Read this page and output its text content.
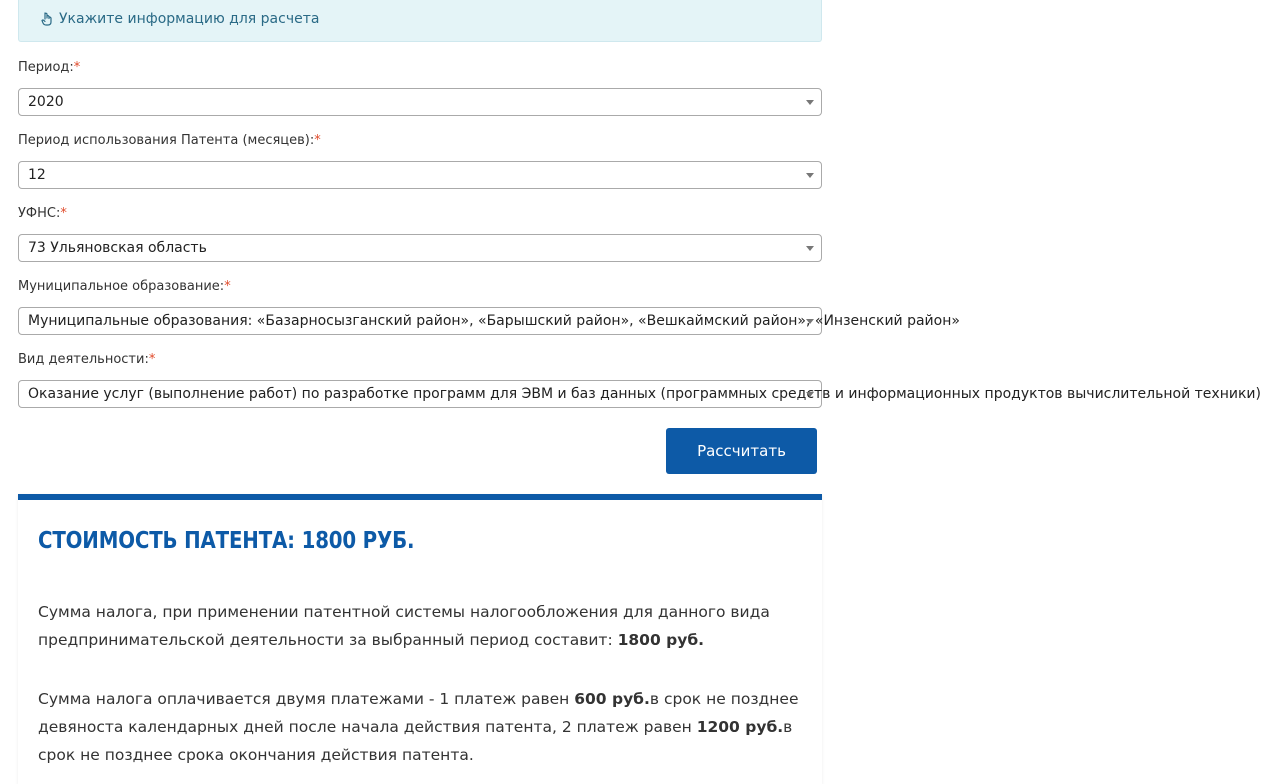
Укажите информацию для расчета
Период:*
2020
Период использования Патента (месяцев):*
12
УФНС:*
73 Ульяновская область
Муниципальное образование:*
Муниципальные образования: «Базарносызганский район», «Барышский район», «Вешкаймский район», «Инзенский район»
Вид деятельности:*
Оказание услуг (выполнение работ) по разработке программ для ЭВМ и баз данных (программных средств и информационных продуктов вычислительной техники)
Рассчитать
СТОИМОСТЬ ПАТЕНТА: 1800 РУБ.

Сумма налога, при применении патентной системы налогообложения для данного вида предпринимательской деятельности за выбранный период составит: 1800 руб.

Сумма налога оплачивается двумя платежами - 1 платеж равен 600 руб.в срок не позднее девяноста календарных дней после начала действия патента, 2 платеж равен 1200 руб.в срок не позднее срока окончания действия патента.
